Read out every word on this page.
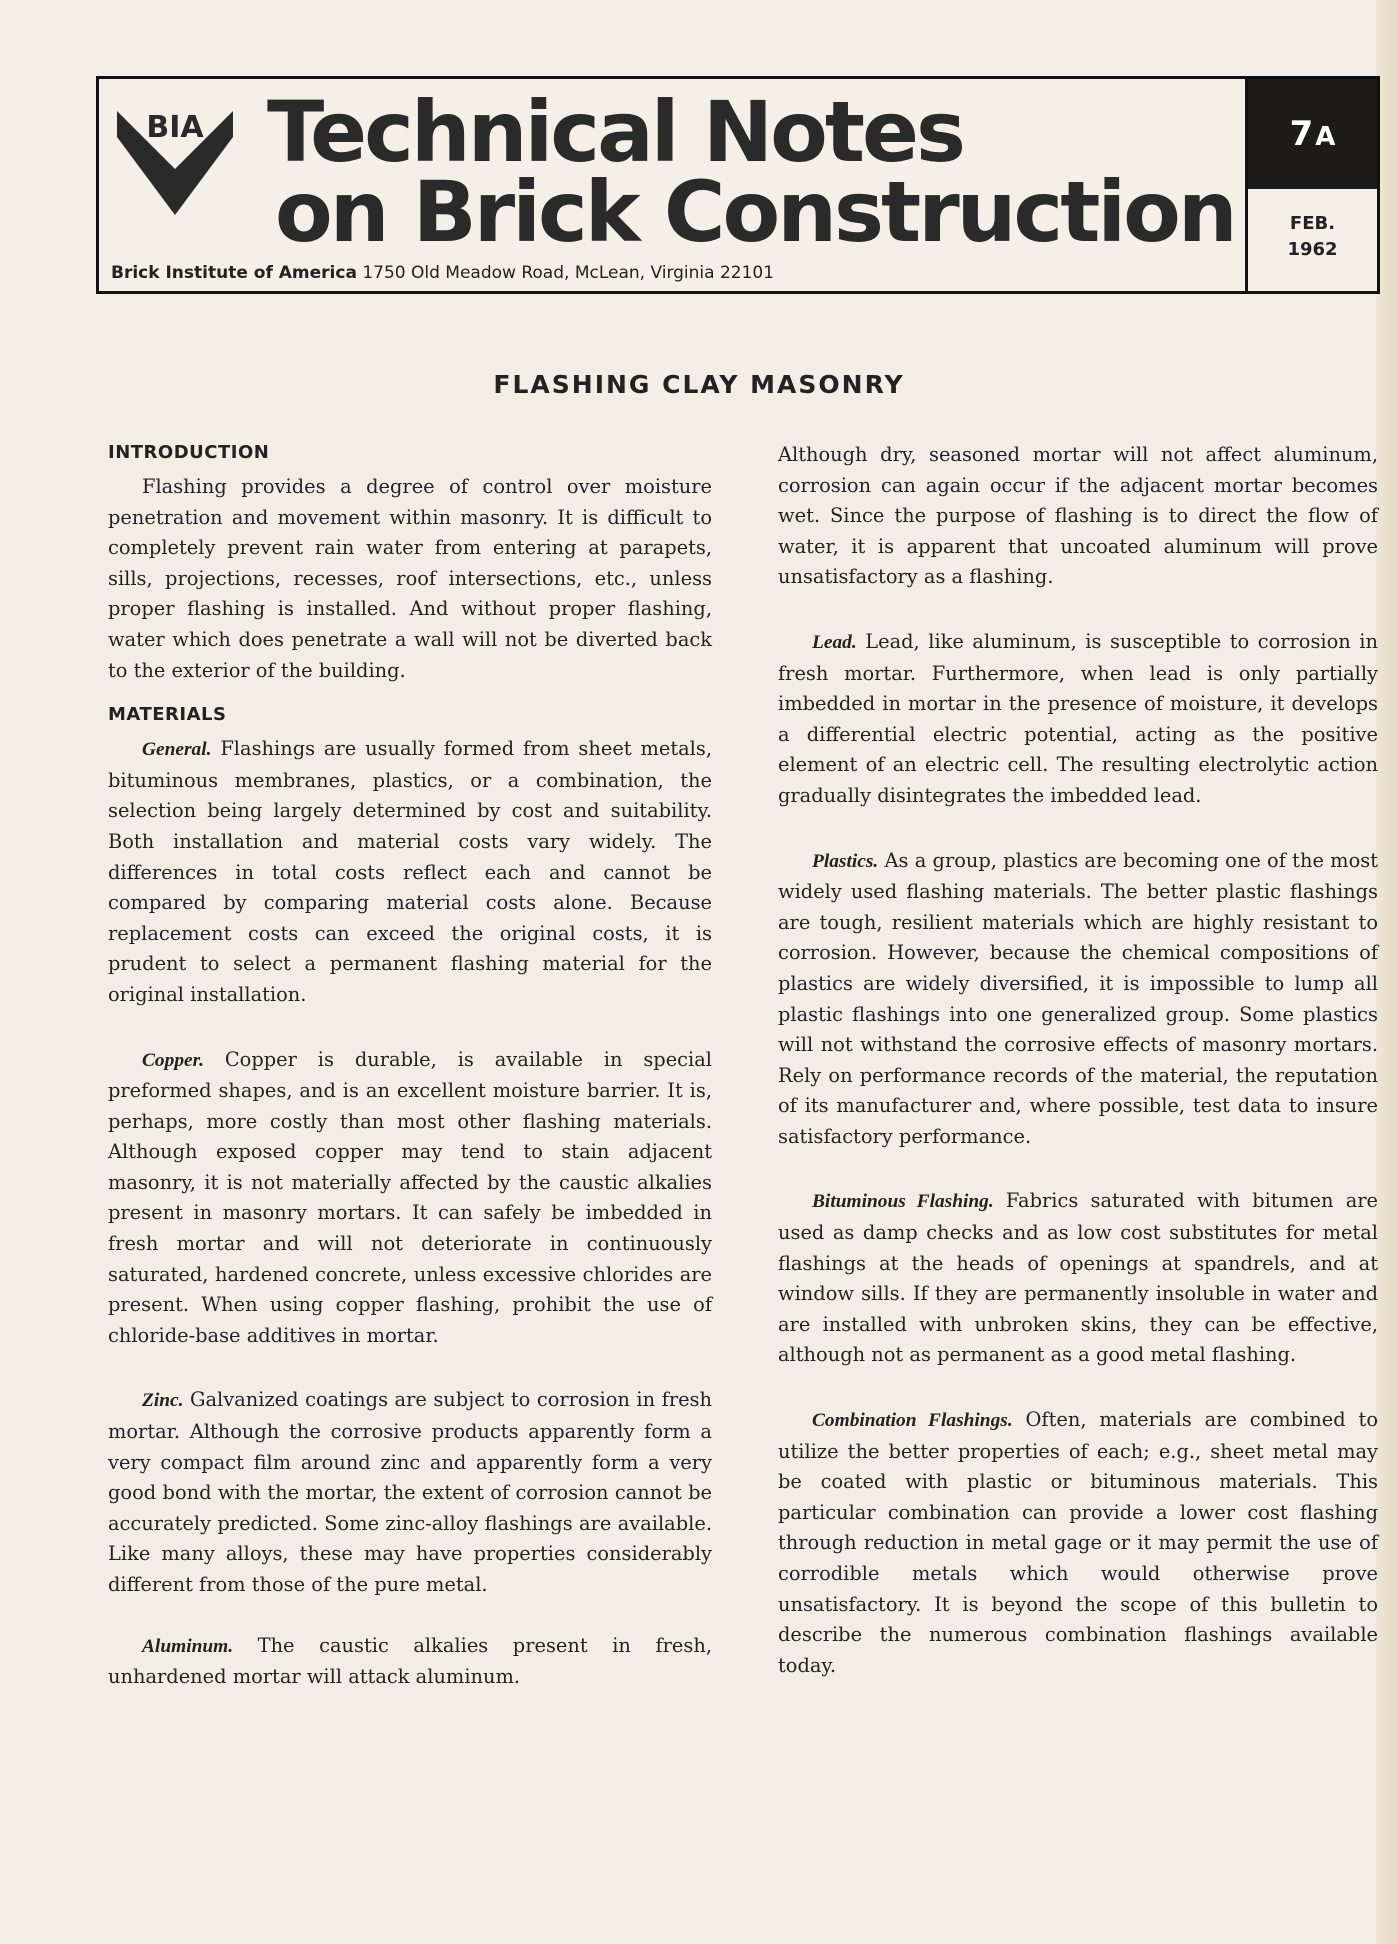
BIA Technical Notes
on Brick Construction
Brick Institute of America 1750 Old Meadow Road, McLean, Virginia 22101
7A
FEB.
1962
FLASHING CLAY MASONRY
INTRODUCTION

Flashing provides a degree of control over moisture penetration and movement within masonry. It is difficult to completely prevent rain water from entering at parapets, sills, projections, recesses, roof intersections, etc., unless proper flashing is installed. And without proper flashing, water which does penetrate a wall will not be diverted back to the exterior of the building.

MATERIALS

General. Flashings are usually formed from sheet metals, bituminous membranes, plastics, or a combination, the selection being largely determined by cost and suitability. Both installation and material costs vary widely. The differences in total costs reflect each and cannot be compared by comparing material costs alone. Because replacement costs can exceed the original costs, it is prudent to select a permanent flashing material for the original installation.

Copper. Copper is durable, is available in special preformed shapes, and is an excellent moisture barrier. It is, perhaps, more costly than most other flashing materials. Although exposed copper may tend to stain adjacent masonry, it is not materially affected by the caustic alkalies present in masonry mortars. It can safely be imbedded in fresh mortar and will not deteriorate in continuously saturated, hardened concrete, unless excessive chlorides are present. When using copper flashing, prohibit the use of chloride-base additives in mortar.

Zinc. Galvanized coatings are subject to corrosion in fresh mortar. Although the corrosive products apparently form a very compact film around zinc and apparently form a very good bond with the mortar, the extent of corrosion cannot be accurately predicted. Some zinc-alloy flashings are available. Like many alloys, these may have properties considerably different from those of the pure metal.

Aluminum. The caustic alkalies present in fresh, unhardened mortar will attack aluminum.

Although dry, seasoned mortar will not affect aluminum, corrosion can again occur if the adjacent mortar becomes wet. Since the purpose of flashing is to direct the flow of water, it is apparent that uncoated aluminum will prove unsatisfactory as a flashing.

Lead. Lead, like aluminum, is susceptible to corrosion in fresh mortar. Furthermore, when lead is only partially imbedded in mortar in the presence of moisture, it develops a differential electric potential, acting as the positive element of an electric cell. The resulting electrolytic action gradually disintegrates the imbedded lead.

Plastics. As a group, plastics are becoming one of the most widely used flashing materials. The better plastic flashings are tough, resilient materials which are highly resistant to corrosion. However, because the chemical compositions of plastics are widely diversified, it is impossible to lump all plastic flashings into one generalized group. Some plastics will not withstand the corrosive effects of masonry mortars. Rely on performance records of the material, the reputation of its manufacturer and, where possible, test data to insure satisfactory performance.

Bituminous Flashing. Fabrics saturated with bitumen are used as damp checks and as low cost substitutes for metal flashings at the heads of openings at spandrels, and at window sills. If they are permanently insoluble in water and are installed with unbroken skins, they can be effective, although not as permanent as a good metal flashing.

Combination Flashings. Often, materials are combined to utilize the better properties of each; e.g., sheet metal may be coated with plastic or bituminous materials. This particular combination can provide a lower cost flashing through reduction in metal gage or it may permit the use of corrodible metals which would otherwise prove unsatisfactory. It is beyond the scope of this bulletin to describe the numerous combination flashings available today.
